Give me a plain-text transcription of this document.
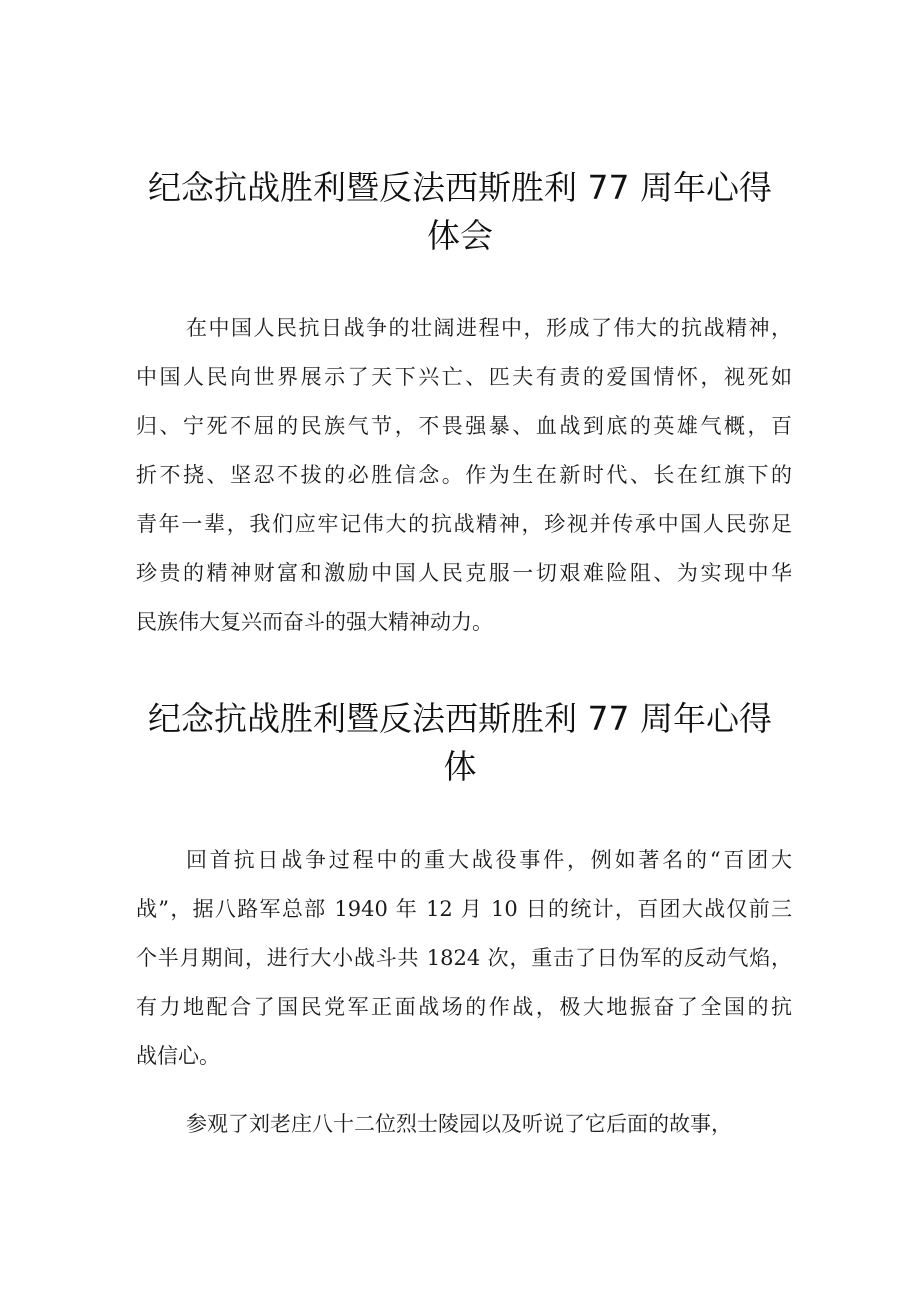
纪念抗战胜利暨反法西斯胜利 77 周年心得
体会

在中国人民抗日战争的壮阔进程中，形成了伟大的抗战精神，
中国人民向世界展示了天下兴亡、匹夫有责的爱国情怀，视死如
归、宁死不屈的民族气节，不畏强暴、血战到底的英雄气概，百
折不挠、坚忍不拔的必胜信念。作为生在新时代、长在红旗下的
青年一辈，我们应牢记伟大的抗战精神，珍视并传承中国人民弥足
珍贵的精神财富和激励中国人民克服一切艰难险阻、为实现中华
民族伟大复兴而奋斗的强大精神动力。

纪念抗战胜利暨反法西斯胜利 77 周年心得
体

回首抗日战争过程中的重大战役事件，例如著名的“百团大
战”，据八路军总部 1940 年 12 月 10 日的统计，百团大战仅前三
个半月期间，进行大小战斗共 1824 次，重击了日伪军的反动气焰，
有力地配合了国民党军正面战场的作战，极大地振奋了全国的抗
战信心。

参观了刘老庄八十二位烈士陵园以及听说了它后面的故事，
